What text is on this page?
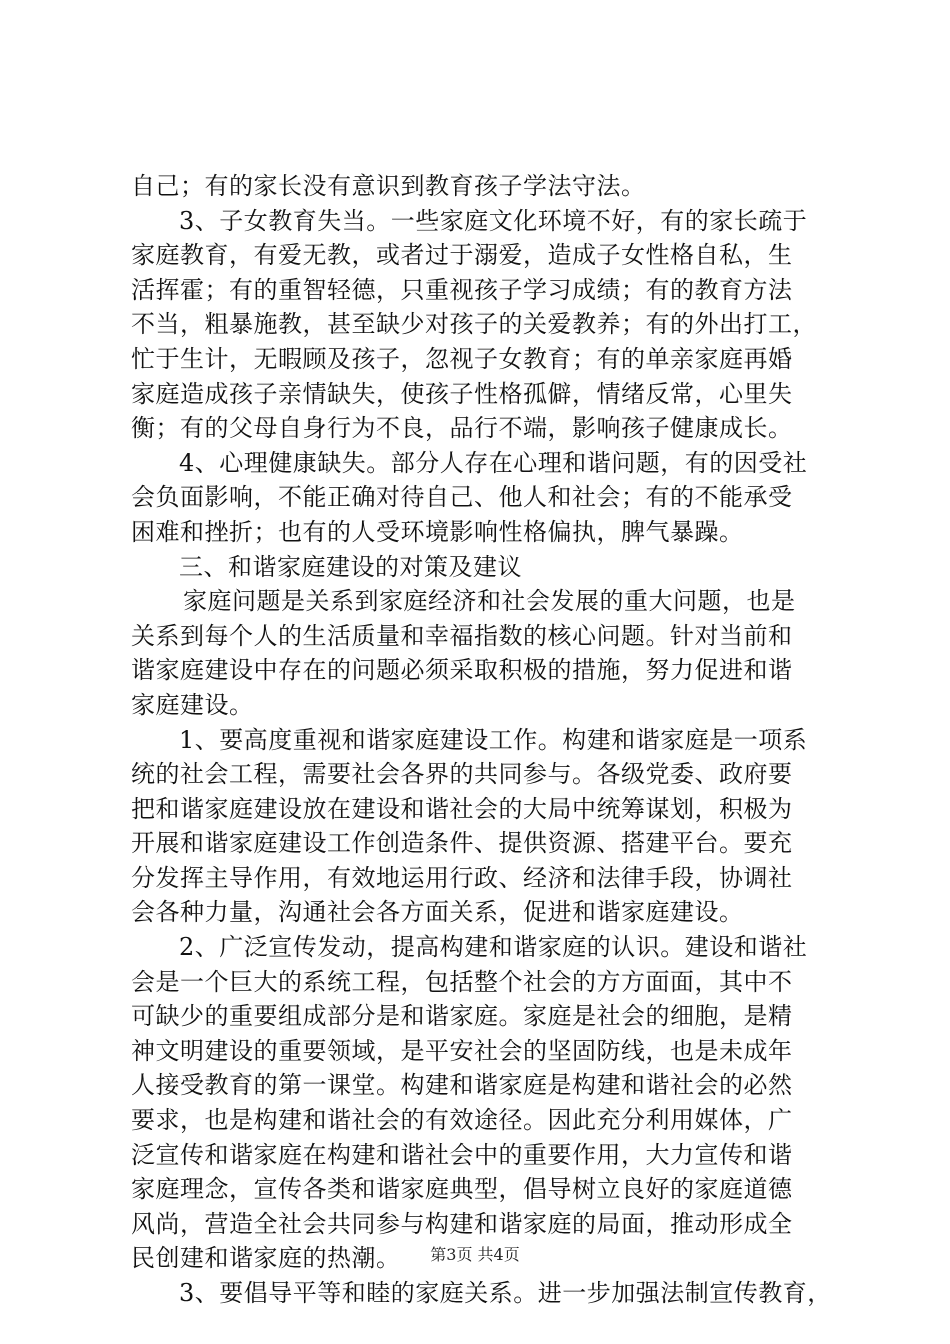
自己；有的家长没有意识到教育孩子学法守法。
3、子女教育失当。一些家庭文化环境不好，有的家长疏于
家庭教育，有爱无教，或者过于溺爱，造成子女性格自私，生
活挥霍；有的重智轻德，只重视孩子学习成绩；有的教育方法
不当，粗暴施教，甚至缺少对孩子的关爱教养；有的外出打工，
忙于生计，无暇顾及孩子，忽视子女教育；有的单亲家庭再婚
家庭造成孩子亲情缺失，使孩子性格孤僻，情绪反常，心里失
衡；有的父母自身行为不良，品行不端，影响孩子健康成长。
4、心理健康缺失。部分人存在心理和谐问题，有的因受社
会负面影响，不能正确对待自己、他人和社会；有的不能承受
困难和挫折；也有的人受环境影响性格偏执，脾气暴躁。
三、和谐家庭建设的对策及建议
家庭问题是关系到家庭经济和社会发展的重大问题，也是
关系到每个人的生活质量和幸福指数的核心问题。针对当前和
谐家庭建设中存在的问题必须采取积极的措施，努力促进和谐
家庭建设。
1、要高度重视和谐家庭建设工作。构建和谐家庭是一项系
统的社会工程，需要社会各界的共同参与。各级党委、政府要
把和谐家庭建设放在建设和谐社会的大局中统筹谋划，积极为
开展和谐家庭建设工作创造条件、提供资源、搭建平台。要充
分发挥主导作用，有效地运用行政、经济和法律手段，协调社
会各种力量，沟通社会各方面关系，促进和谐家庭建设。
2、广泛宣传发动，提高构建和谐家庭的认识。建设和谐社
会是一个巨大的系统工程，包括整个社会的方方面面，其中不
可缺少的重要组成部分是和谐家庭。家庭是社会的细胞，是精
神文明建设的重要领域，是平安社会的坚固防线，也是未成年
人接受教育的第一课堂。构建和谐家庭是构建和谐社会的必然
要求，也是构建和谐社会的有效途径。因此充分利用媒体，广
泛宣传和谐家庭在构建和谐社会中的重要作用，大力宣传和谐
家庭理念，宣传各类和谐家庭典型，倡导树立良好的家庭道德
风尚，营造全社会共同参与构建和谐家庭的局面，推动形成全
民创建和谐家庭的热潮。
3、要倡导平等和睦的家庭关系。进一步加强法制宣传教育，
第3页 共4页
